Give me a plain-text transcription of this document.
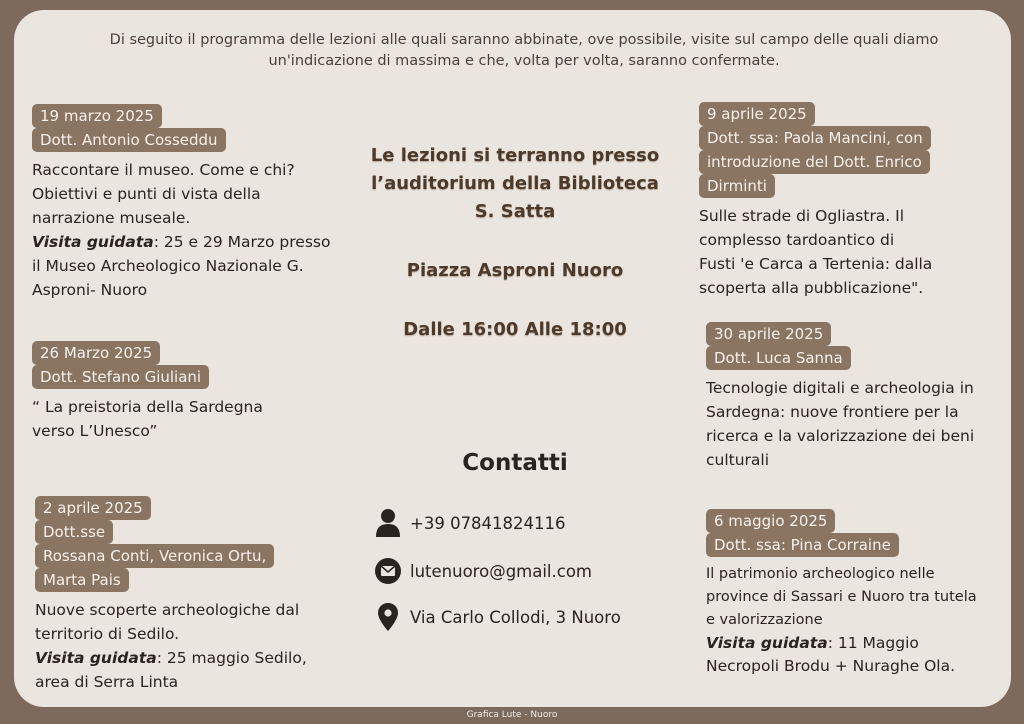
Di seguito il programma delle lezioni alle quali saranno abbinate, ove possibile, visite sul campo delle quali diamo
un'indicazione di massima e che, volta per volta, saranno confermate.
19 marzo 2025
Dott. Antonio Cosseddu
Raccontare il museo. Come e chi?
Obiettivi e punti di vista della
narrazione museale.
Visita guidata: 25 e 29 Marzo presso
il Museo Archeologico Nazionale G.
Asproni- Nuoro
26 Marzo 2025
Dott. Stefano Giuliani
“ La preistoria della Sardegna
verso L’Unesco”
2 aprile 2025
Dott.sse
Rossana Conti, Veronica Ortu,
Marta Pais
Nuove scoperte archeologiche dal
territorio di Sedilo.
Visita guidata: 25 maggio Sedilo,
area di Serra Linta
Le lezioni si terranno presso
l’auditorium della Biblioteca
S. Satta
Piazza Asproni Nuoro
Dalle 16:00 Alle 18:00
Contatti
+39 07841824116
lutenuoro@gmail.com
Via Carlo Collodi, 3 Nuoro
9 aprile 2025
Dott. ssa: Paola Mancini, con
introduzione del Dott. Enrico
Dirminti
Sulle strade di Ogliastra. Il
complesso tardoantico di
Fusti 'e Carca a Tertenia: dalla
scoperta alla pubblicazione".
30 aprile 2025
Dott. Luca Sanna
Tecnologie digitali e archeologia in
Sardegna: nuove frontiere per la
ricerca e la valorizzazione dei beni
culturali
6 maggio 2025
Dott. ssa: Pina Corraine
Il patrimonio archeologico nelle
province di Sassari e Nuoro tra tutela
e valorizzazione
Visita guidata: 11 Maggio
Necropoli Brodu + Nuraghe Ola.
Grafica Lute - Nuoro
